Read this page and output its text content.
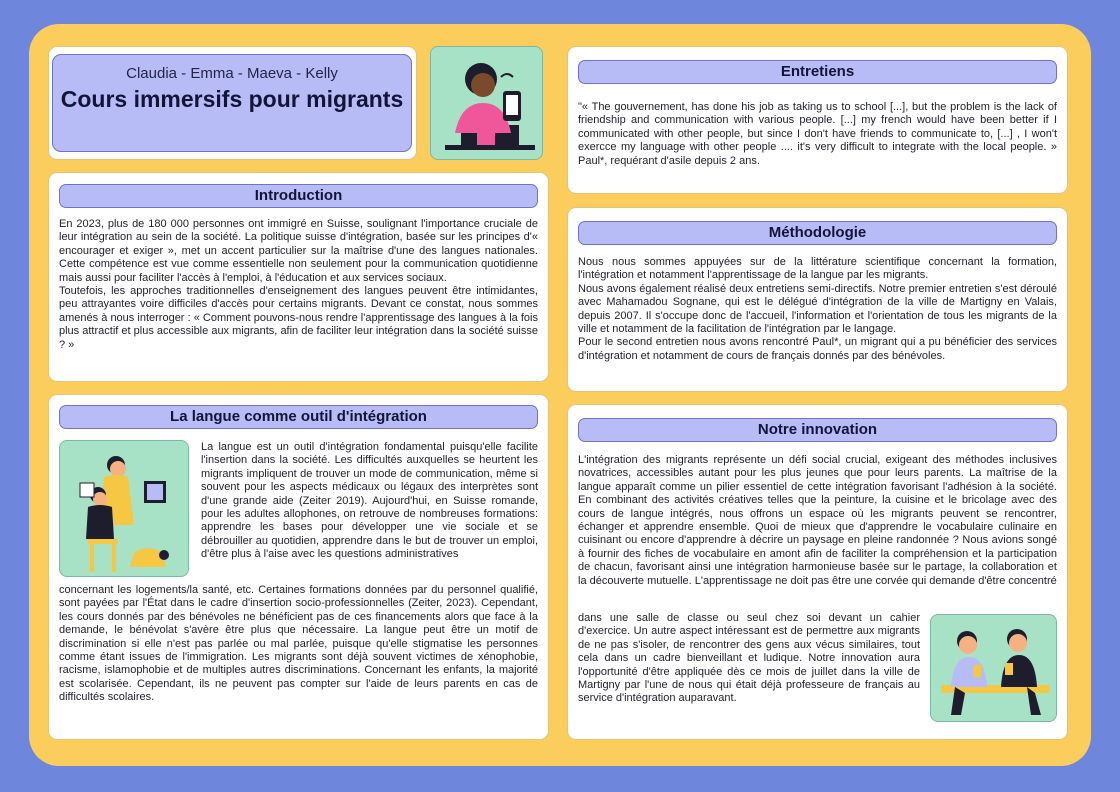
Claudia - Emma - Maeva - Kelly
Cours immersifs pour migrants
Introduction

En 2023, plus de 180 000 personnes ont immigré en Suisse, soulignant l'importance cruciale de leur intégration au sein de la société. La politique suisse d'intégration, basée sur les principes d'« encourager et exiger », met un accent particulier sur la maîtrise d'une des langues nationales. Cette compétence est vue comme essentielle non seulement pour la communication quotidienne mais aussi pour faciliter l'accès à l'emploi, à l'éducation et aux services sociaux.

Toutefois, les approches traditionnelles d'enseignement des langues peuvent être intimidantes, peu attrayantes voire difficiles d'accès pour certains migrants. Devant ce constat, nous sommes amenés à nous interroger : « Comment pouvons-nous rendre l'apprentissage des langues à la fois plus attractif et plus accessible aux migrants, afin de faciliter leur intégration dans la société suisse ? »

La langue comme outil d'intégration
La langue est un outil d'intégration fondamental puisqu'elle facilite l'insertion dans la société. Les difficultés auxquelles se heurtent les migrants impliquent de trouver un mode de communication, même si souvent pour les aspects médicaux ou légaux des interprètes sont d'une grande aide (Zeiter 2019). Aujourd'hui, en Suisse romande, pour les adultes allophones, on retrouve de nombreuses formations: apprendre les bases pour développer une vie sociale et se débrouiller au quotidien, apprendre dans le but de trouver un emploi, d'être plus à l'aise avec les questions administratives
concernant les logements/la santé, etc. Certaines formations données par du personnel qualifié, sont payées par l'État dans le cadre d'insertion socio-professionnelles (Zeiter, 2023). Cependant, les cours donnés par des bénévoles ne bénéficient pas de ces financements alors que face à la demande, le bénévolat s'avère être plus que nécessaire. La langue peut être un motif de discrimination si elle n'est pas parlée ou mal parlée, puisque qu'elle stigmatise les personnes comme étant issues de l'immigration. Les migrants sont déjà souvent victimes de xénophobie, racisme, islamophobie et de multiples autres discriminations. Concernant les enfants, la majorité est scolarisée. Cependant, ils ne peuvent pas compter sur l'aide de leurs parents en cas de difficultés scolaires.
Entretiens
"« The gouvernement, has done his job as taking us to school [...], but the problem is the lack of friendship and communication with various people. [...] my french would have been better if I communicated with other people, but since I don't have friends to communicate to, [...] , I won't exercce my language with other people .... it's very difficult to integrate with the local people. » Paul*, requérant d'asile depuis 2 ans.
Méthodologie

Nous nous sommes appuyées sur de la littérature scientifique concernant la formation, l'intégration et notamment l'apprentissage de la langue par les migrants.

Nous avons également réalisé deux entretiens semi-directifs. Notre premier entretien s'est déroulé avec Mahamadou Sognane, qui est le délégué d'intégration de la ville de Martigny en Valais, depuis 2007. Il s'occupe donc de l'accueil, l'information et l'orientation de tous les migrants de la ville et notamment de la facilitation de l'intégration par le langage.

Pour le second entretien nous avons rencontré Paul*, un migrant qui a pu bénéficier des services d'intégration et notamment de cours de français donnés par des bénévoles.

Notre innovation
L'intégration des migrants représente un défi social crucial, exigeant des méthodes inclusives novatrices, accessibles autant pour les plus jeunes que pour leurs parents. La maîtrise de la langue apparaît comme un pilier essentiel de cette intégration favorisant l'adhésion à la société. En combinant des activités créatives telles que la peinture, la cuisine et le bricolage avec des cours de langue intégrés, nous offrons un espace où les migrants peuvent se rencontrer, échanger et apprendre ensemble. Quoi de mieux que d'apprendre le vocabulaire culinaire en cuisinant ou encore d'apprendre à décrire un paysage en pleine randonnée ? Nous avions songé à fournir des fiches de vocabulaire en amont afin de faciliter la compréhension et la participation de chacun, favorisant ainsi une intégration harmonieuse basée sur le partage, la collaboration et la découverte mutuelle. L'apprentissage ne doit pas être une corvée qui demande d'être concentré
dans une salle de classe ou seul chez soi devant un cahier d'exercice. Un autre aspect intéressant est de permettre aux migrants de ne pas s'isoler, de rencontrer des gens aux vécus similaires, tout cela dans un cadre bienveillant et ludique. Notre innovation aura l'opportunité d'être appliquée dès ce mois de juillet dans la ville de Martigny par l'une de nous qui était déjà professeure de français au service d'intégration auparavant.
